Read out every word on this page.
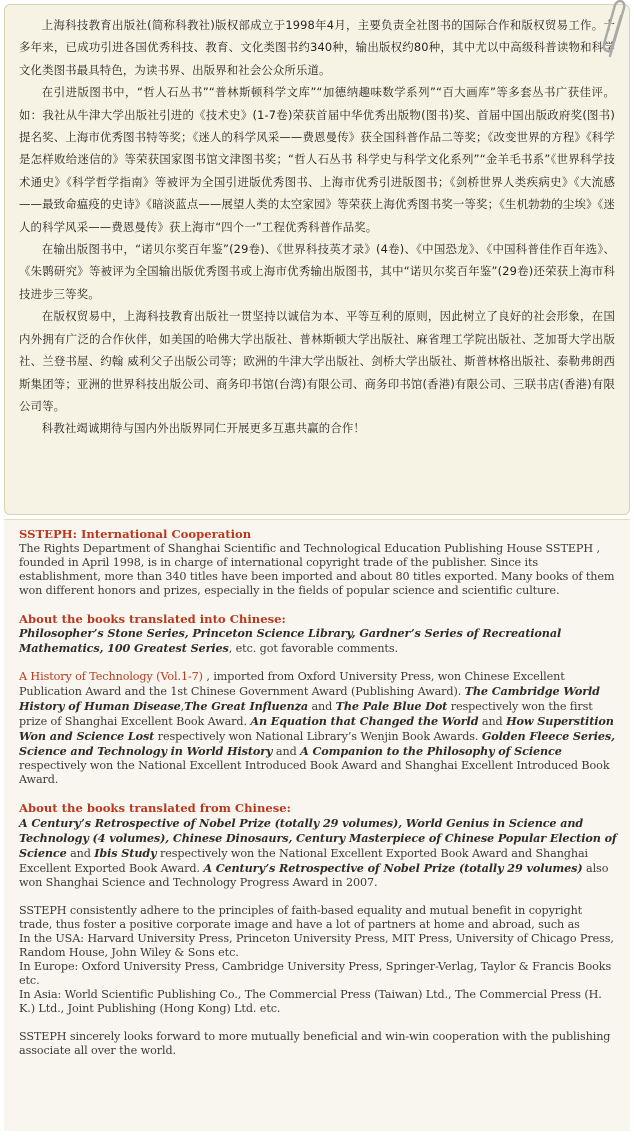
上海科技教育出版社(简称科教社)版权部成立于1998年4月，主要负责全社图书的国际合作和版权贸易工作。十多年来，已成功引进各国优秀科技、教育、文化类图书约340种，输出版权约80种，其中尤以中高级科普读物和科学文化类图书最具特色，为读书界、出版界和社会公众所乐道。

在引进版图书中，“哲人石丛书”“普林斯顿科学文库”“加德纳趣味数学系列”“百大画库”等多套丛书广获佳评。如：我社从牛津大学出版社引进的《技术史》(1-7卷)荣获首届中华优秀出版物(图书)奖、首届中国出版政府奖(图书)提名奖、上海市优秀图书特等奖；《迷人的科学风采——费恩曼传》获全国科普作品二等奖；《改变世界的方程》《科学是怎样败给迷信的》等荣获国家图书馆文津图书奖；“哲人石丛书 科学史与科学文化系列”“金羊毛书系”《世界科学技术通史》《科学哲学指南》等被评为全国引进版优秀图书、上海市优秀引进版图书；《剑桥世界人类疾病史》《大流感——最致命瘟疫的史诗》《暗淡蓝点——展望人类的太空家园》等荣获上海优秀图书奖一等奖；《生机勃勃的尘埃》《迷人的科学风采——费恩曼传》获上海市“四个一”工程优秀科普作品奖。

在输出版图书中，“诺贝尔奖百年鉴”(29卷)、《世界科技英才录》(4卷)、《中国恐龙》、《中国科普佳作百年选》、《朱鹮研究》等被评为全国输出版优秀图书或上海市优秀输出版图书，其中“诺贝尔奖百年鉴”(29卷)还荣获上海市科技进步三等奖。

在版权贸易中，上海科技教育出版社一贯坚持以诚信为本、平等互利的原则，因此树立了良好的社会形象，在国内外拥有广泛的合作伙伴，如美国的哈佛大学出版社、普林斯顿大学出版社、麻省理工学院出版社、芝加哥大学出版社、兰登书屋、约翰 威利父子出版公司等；欧洲的牛津大学出版社、剑桥大学出版社、斯普林格出版社、泰勒弗朗西斯集团等；亚洲的世界科技出版公司、商务印书馆(台湾)有限公司、商务印书馆(香港)有限公司、三联书店(香港)有限公司等。

科教社竭诚期待与国内外出版界同仁开展更多互惠共赢的合作！

SSTEPH: International Cooperation

The Rights Department of Shanghai Scientific and Technological Education Publishing House SSTEPH , founded in April 1998, is in charge of international copyright trade of the publisher. Since its establishment, more than 340 titles have been imported and about 80 titles exported. Many books of them won different honors and prizes, especially in the fields of popular science and scientific culture.

About the books translated into Chinese:

Philosopher’s Stone Series, Princeton Science Library, Gardner’s Series of Recreational Mathematics, 100 Greatest Series, etc. got favorable comments.

A History of Technology (Vol.1-7) , imported from Oxford University Press, won Chinese Excellent Publication Award and the 1st Chinese Government Award (Publishing Award). The Cambridge World History of Human Disease,The Great Influenza and The Pale Blue Dot respectively won the first prize of Shanghai Excellent Book Award. An Equation that Changed the World and How Superstition Won and Science Lost respectively won National Library’s Wenjin Book Awards. Golden Fleece Series, Science and Technology in World History and A Companion to the Philosophy of Science respectively won the National Excellent Introduced Book Award and Shanghai Excellent Introduced Book Award.

About the books translated from Chinese:

A Century’s Retrospective of Nobel Prize (totally 29 volumes), World Genius in Science and Technology (4 volumes), Chinese Dinosaurs, Century Masterpiece of Chinese Popular Election of Science and Ibis Study respectively won the National Excellent Exported Book Award and Shanghai Excellent Exported Book Award. A Century’s Retrospective of Nobel Prize (totally 29 volumes) also won Shanghai Science and Technology Progress Award in 2007.

SSTEPH consistently adhere to the principles of faith-based equality and mutual benefit in copyright trade, thus foster a positive corporate image and have a lot of partners at home and abroad, such as

In the USA: Harvard University Press, Princeton University Press, MIT Press, University of Chicago Press, Random House, John Wiley & Sons etc.

In Europe: Oxford University Press, Cambridge University Press, Springer-Verlag, Taylor & Francis Books etc.

In Asia: World Scientific Publishing Co., The Commercial Press (Taiwan) Ltd., The Commercial Press (H. K.) Ltd., Joint Publishing (Hong Kong) Ltd. etc.

SSTEPH sincerely looks forward to more mutually beneficial and win-win cooperation with the publishing associate all over the world.
